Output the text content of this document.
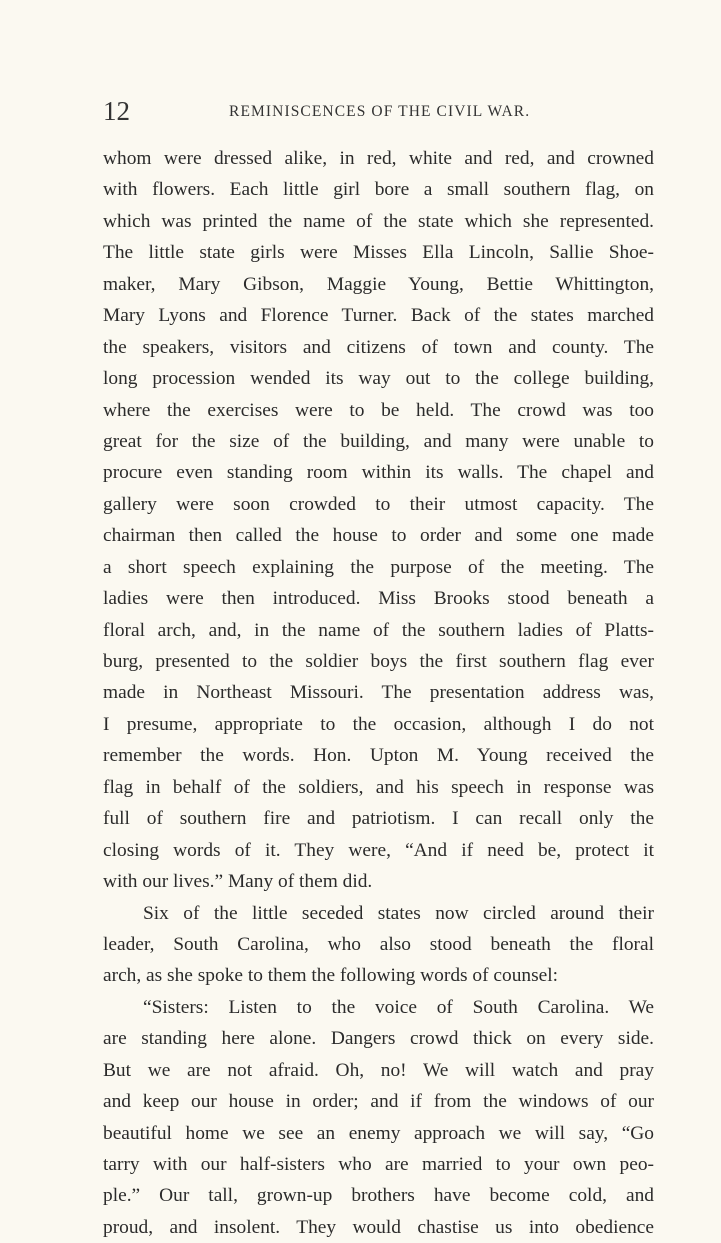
12	REMINISCENCES OF THE CIVIL WAR.
whom were dressed alike, in red, white and red, and crowned
with flowers. Each little girl bore a small southern flag, on
which was printed the name of the state which she represented.
The little state girls were Misses Ella Lincoln, Sallie Shoe-
maker, Mary Gibson, Maggie Young, Bettie Whittington,
Mary Lyons and Florence Turner. Back of the states marched
the speakers, visitors and citizens of town and county. The
long procession wended its way out to the college building,
where the exercises were to be held. The crowd was too
great for the size of the building, and many were unable to
procure even standing room within its walls. The chapel and
gallery were soon crowded to their utmost capacity. The
chairman then called the house to order and some one made
a short speech explaining the purpose of the meeting. The
ladies were then introduced. Miss Brooks stood beneath a
floral arch, and, in the name of the southern ladies of Platts-
burg, presented to the soldier boys the first southern flag ever
made in Northeast Missouri. The presentation address was,
I presume, appropriate to the occasion, although I do not
remember the words. Hon. Upton M. Young received the
flag in behalf of the soldiers, and his speech in response was
full of southern fire and patriotism. I can recall only the
closing words of it. They were, “And if need be, protect it
with our lives.” Many of them did.
Six of the little seceded states now circled around their
leader, South Carolina, who also stood beneath the floral
arch, as she spoke to them the following words of counsel:
“Sisters: Listen to the voice of South Carolina. We
are standing here alone. Dangers crowd thick on every side.
But we are not afraid. Oh, no! We will watch and pray
and keep our house in order; and if from the windows of our
beautiful home we see an enemy approach we will say, “Go
tarry with our half-sisters who are married to your own peo-
ple.” Our tall, grown-up brothers have become cold, and
proud, and insolent. They would chastise us into obedience
